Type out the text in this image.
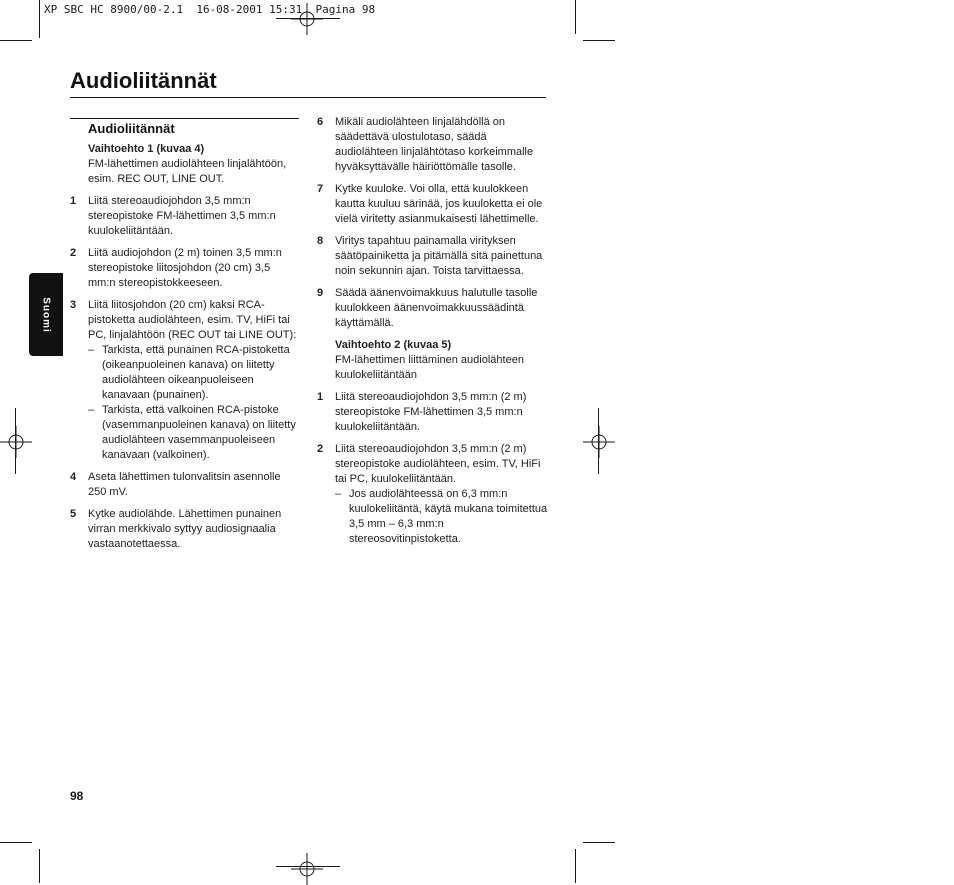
XP SBC HC 8900/00-2.1  16-08-2001 15:31  Pagina 98
Audioliitännät
Suomi
Audioliitännät
Vaihtoehto 1 (kuvaa 4)
FM-lähettimen audiolähteen linjalähtöön, esim. REC OUT, LINE OUT.
1	Liitä stereoaudiojohdon 3,5 mm:n stereopistoke FM-lähettimen 3,5 mm:n kuulokeliitäntään.
2	Liitä audiojohdon (2 m) toinen 3,5 mm:n stereopistoke liitosjohdon (20 cm) 3,5 mm:n stereopistokkeeseen.
3	Liitä liitosjohdon (20 cm) kaksi RCA-pistoketta audiolähteen, esim. TV, HiFi tai PC, linjalähtöön (REC OUT tai LINE OUT):
– Tarkista, että punainen RCA-pistoketta (oikeanpuoleinen kanava) on liitetty audiolähteen oikeanpuoleiseen kanavaan (punainen).
– Tarkista, että valkoinen RCA-pistoke (vasemmanpuoleinen kanava) on liitetty audiolähteen vasemmanpuoleiseen kanavaan (valkoinen).
4	Aseta lähettimen tulonvalitsin asennolle 250 mV.
5	Kytke audiolähde. Lähettimen punainen virran merkkivalo syttyy audiosignaalia vastaanotettaessa.
6	Mikäli audiolähteen linjalähdöllä on säädettävä ulostulotaso, säädä audiolähteen linjalähtötaso korkeimmalle hyväksyttävälle häiriöttömälle tasolle.
7	Kytke kuuloke. Voi olla, että kuulokkeen kautta kuuluu särinää, jos kuuloketta ei ole vielä viritetty asianmukaisesti lähettimelle.
8	Viritys tapahtuu painamalla virityksen säätöpainiketta ja pitämällä sitä painettuna noin sekunnin ajan. Toista tarvittaessa.
9	Säädä äänenvoimakkuus halutulle tasolle kuulokkeen äänenvoimakkuussäädintä käyttämällä.
Vaihtoehto 2 (kuvaa 5)
FM-lähettimen liittäminen audiolähteen kuulokeliitäntään
1	Liitä stereoaudiojohdon 3,5 mm:n (2 m) stereopistoke FM-lähettimen 3,5 mm:n kuulokeliitäntään.
2	Liitä stereoaudiojohdon 3,5 mm:n (2 m) stereopistoke audiolähteen, esim. TV, HiFi tai PC, kuulokeliitäntään.
– Jos audiolähteessä on 6,3 mm:n kuulokeliitäntä, käytä mukana toimitettua 3,5 mm – 6,3 mm:n stereosovitinpistoketta.
98
